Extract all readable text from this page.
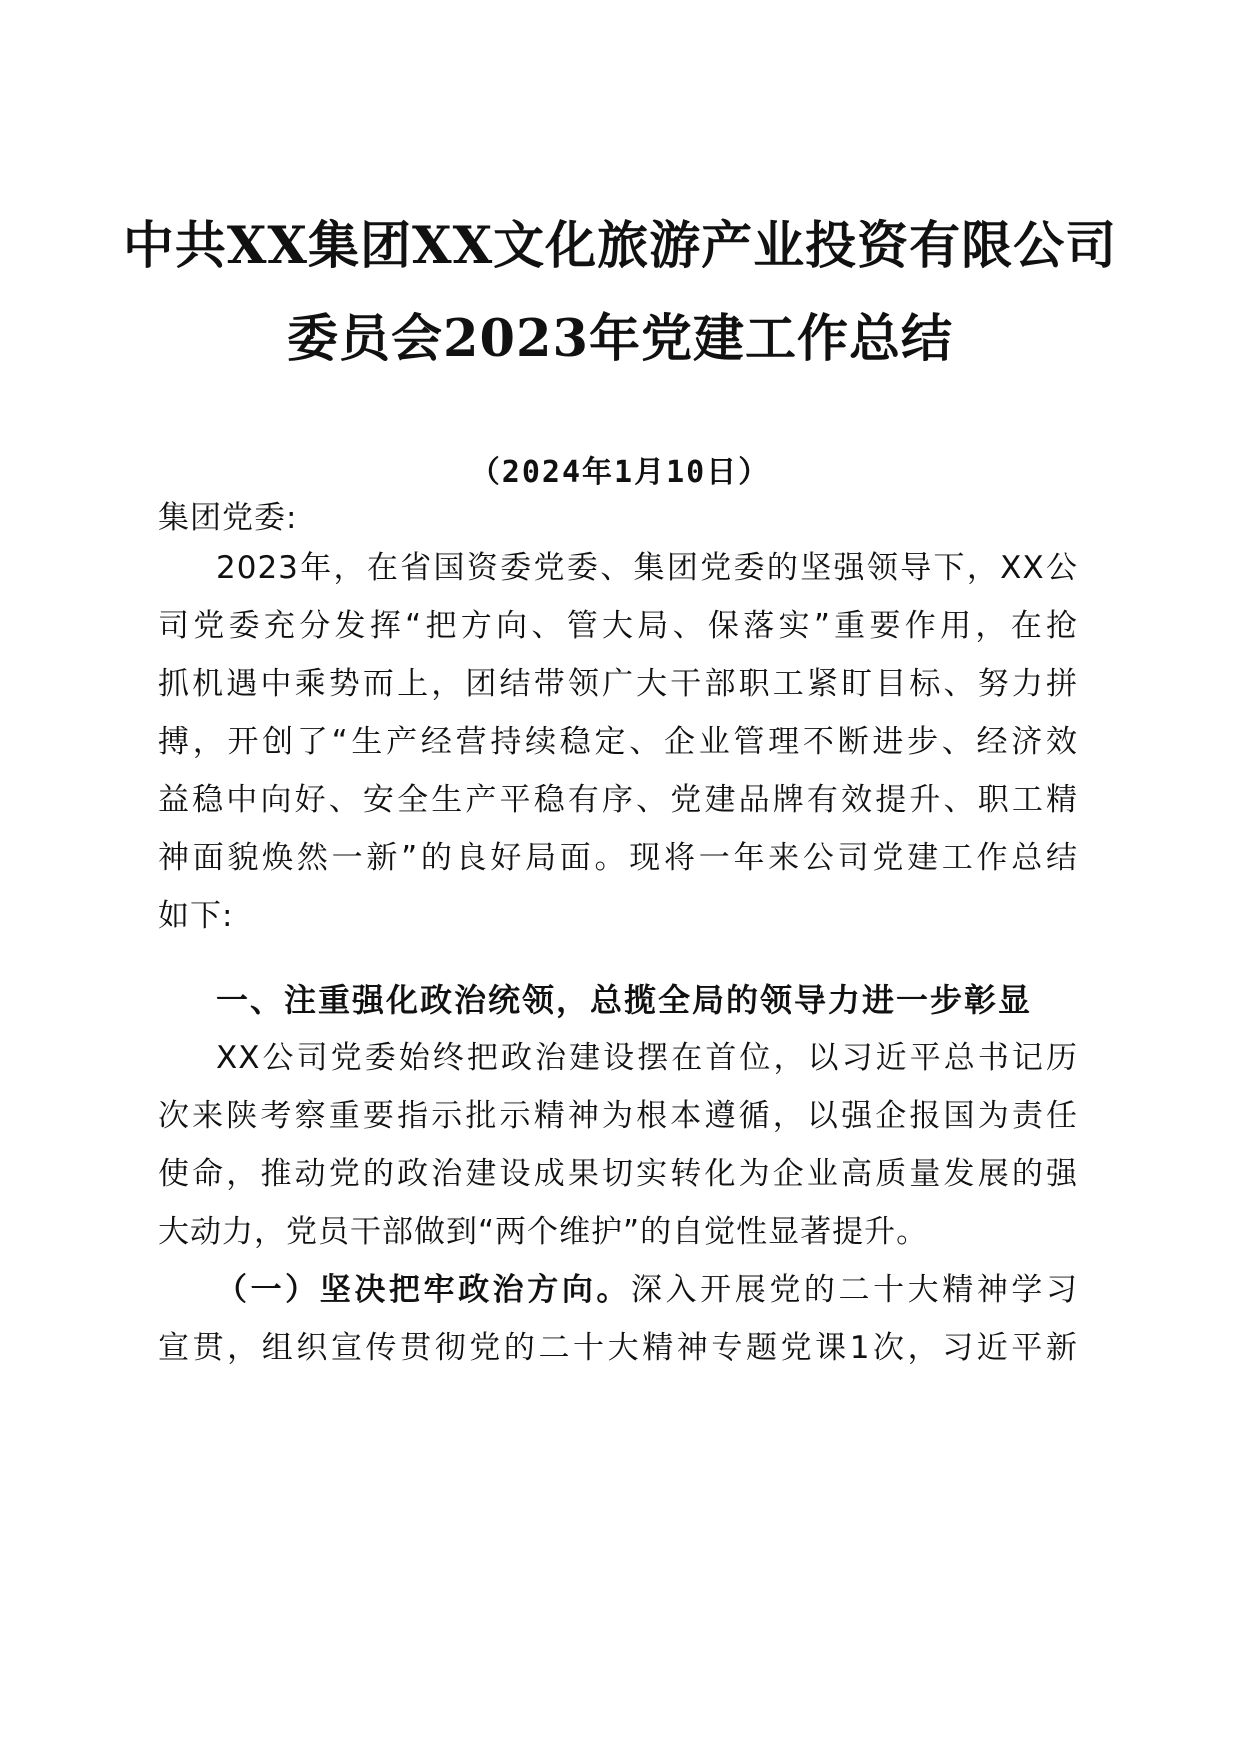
中共XX集团XX文化旅游产业投资有限公司
委员会2023年党建工作总结
（2024年1月10日）
集团党委:
2023年，在省国资委党委、集团党委的坚强领导下，XX公
司党委充分发挥“把方向、管大局、保落实”重要作用，在抢
抓机遇中乘势而上，团结带领广大干部职工紧盯目标、努力拼
搏，开创了“生产经营持续稳定、企业管理不断进步、经济效
益稳中向好、安全生产平稳有序、党建品牌有效提升、职工精
神面貌焕然一新”的良好局面。现将一年来公司党建工作总结
如下:
一、注重强化政治统领，总揽全局的领导力进一步彰显
XX公司党委始终把政治建设摆在首位，以习近平总书记历
次来陕考察重要指示批示精神为根本遵循，以强企报国为责任
使命，推动党的政治建设成果切实转化为企业高质量发展的强
大动力，党员干部做到“两个维护”的自觉性显著提升。
（一）坚决把牢政治方向。深入开展党的二十大精神学习
宣贯，组织宣传贯彻党的二十大精神专题党课1次，习近平新
